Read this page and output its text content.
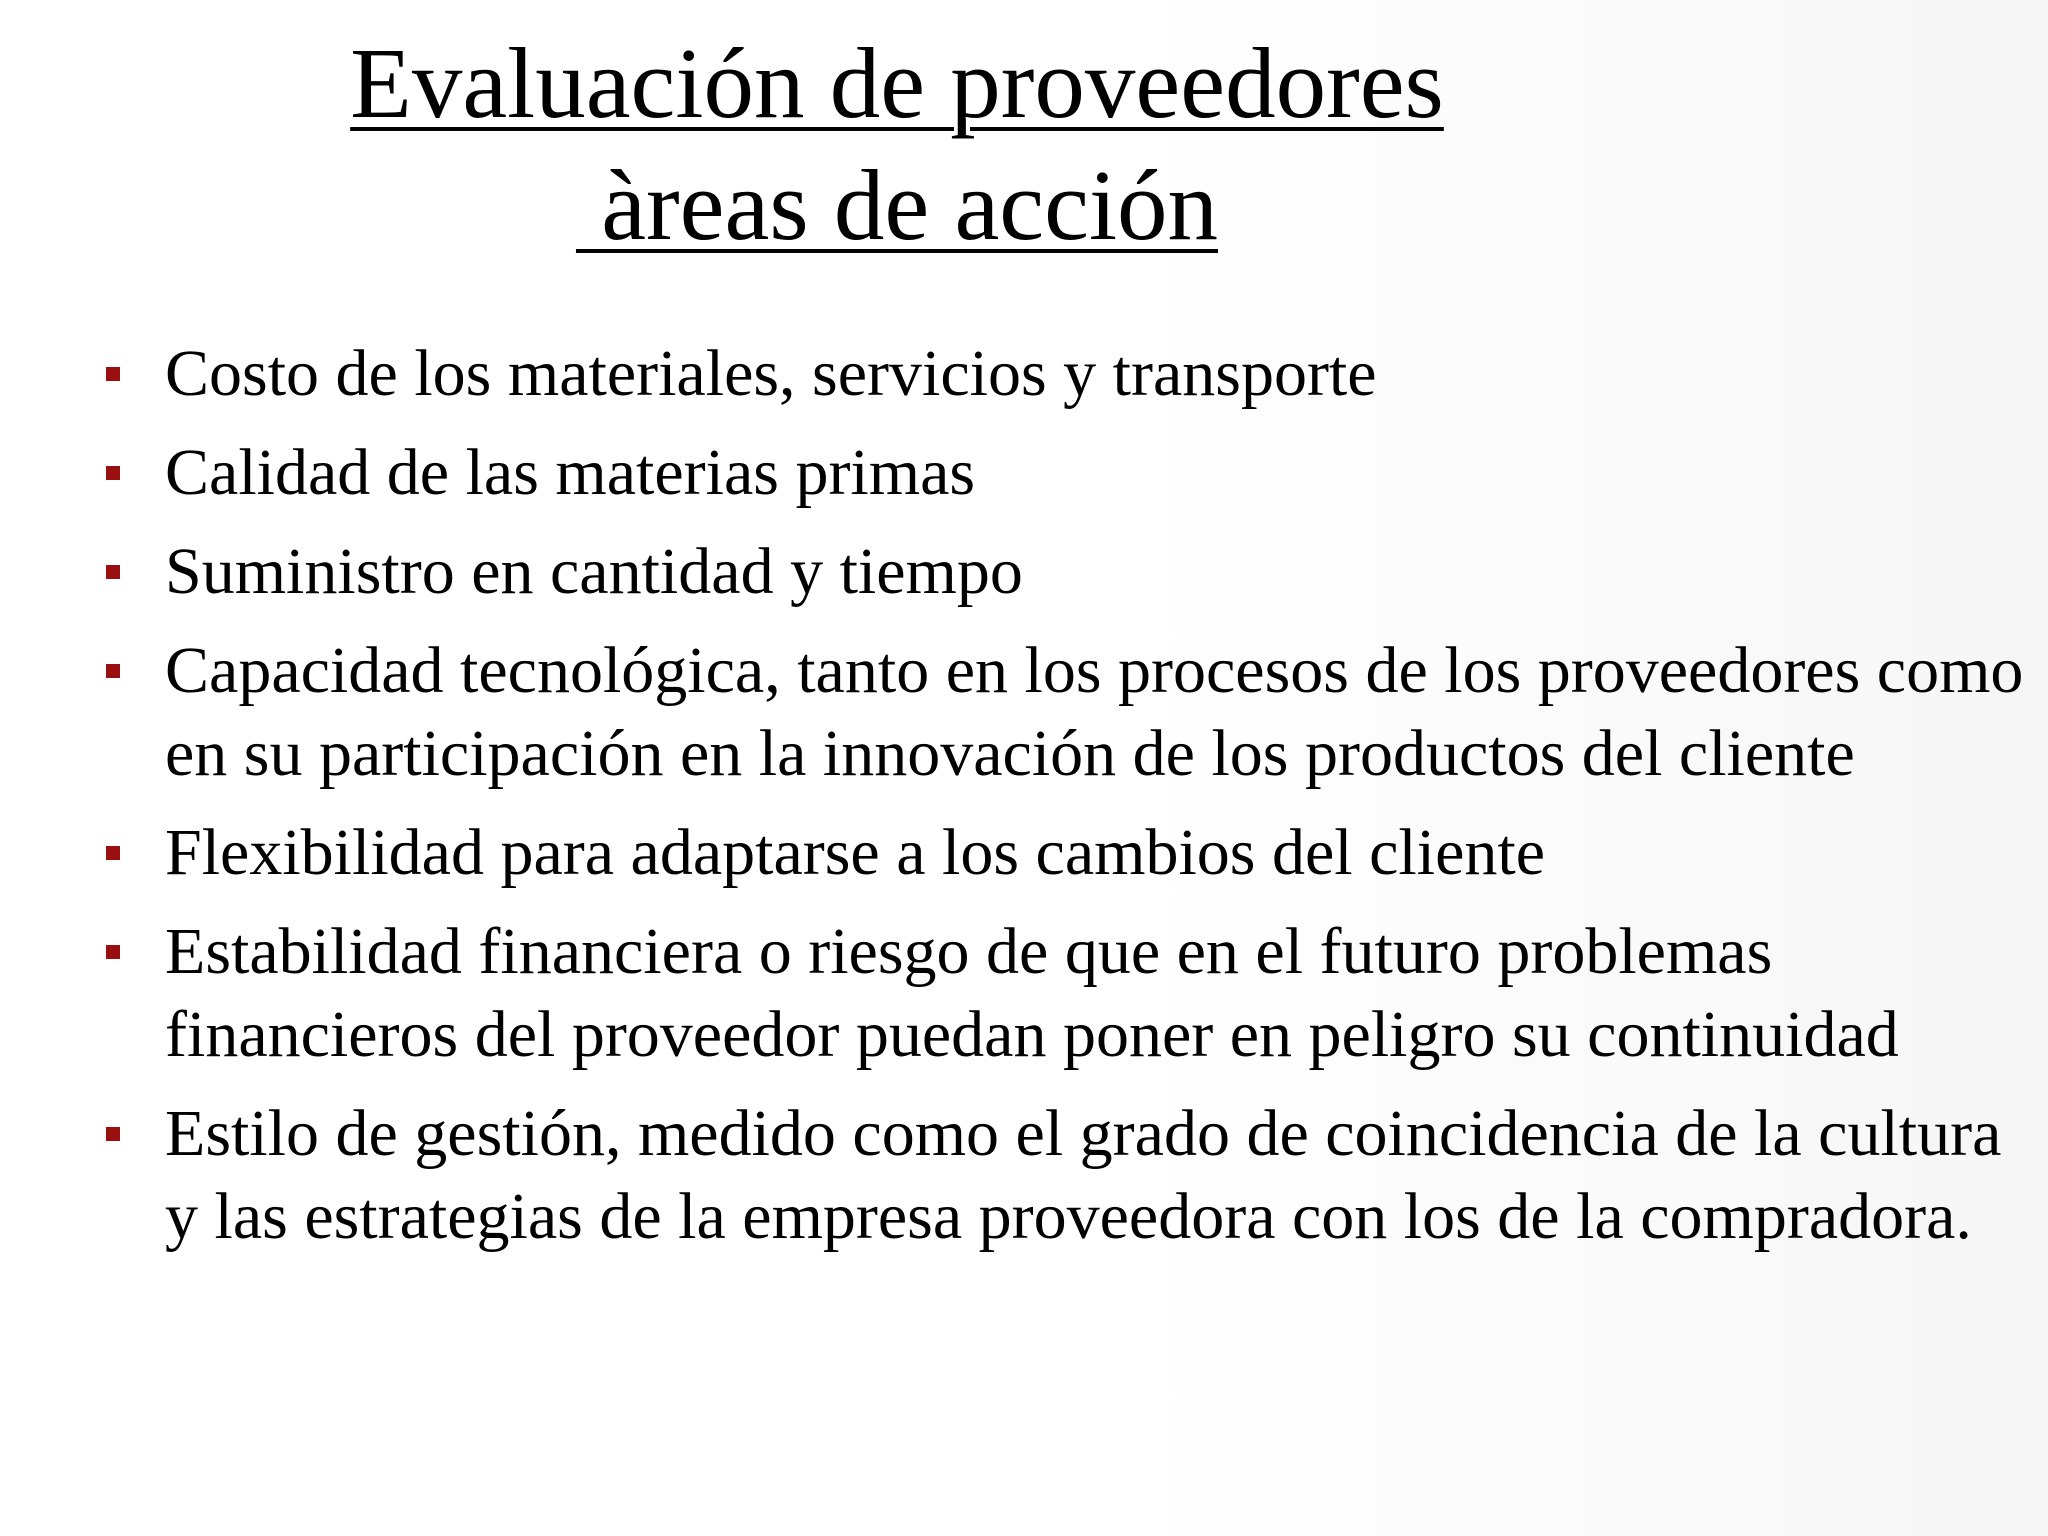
Evaluación de proveedores
àreas de acción
Costo de los materiales, servicios y transporte
Calidad de las materias primas
Suministro en cantidad y tiempo
Capacidad tecnológica, tanto en los procesos de los proveedores como en su participación en la innovación de los productos del cliente
Flexibilidad para adaptarse a los cambios del cliente
Estabilidad financiera o riesgo de que en el futuro problemas financieros del proveedor puedan poner en peligro su continuidad
Estilo de gestión, medido como el grado de coincidencia de la cultura y las estrategias de la empresa proveedora con los de la compradora.
